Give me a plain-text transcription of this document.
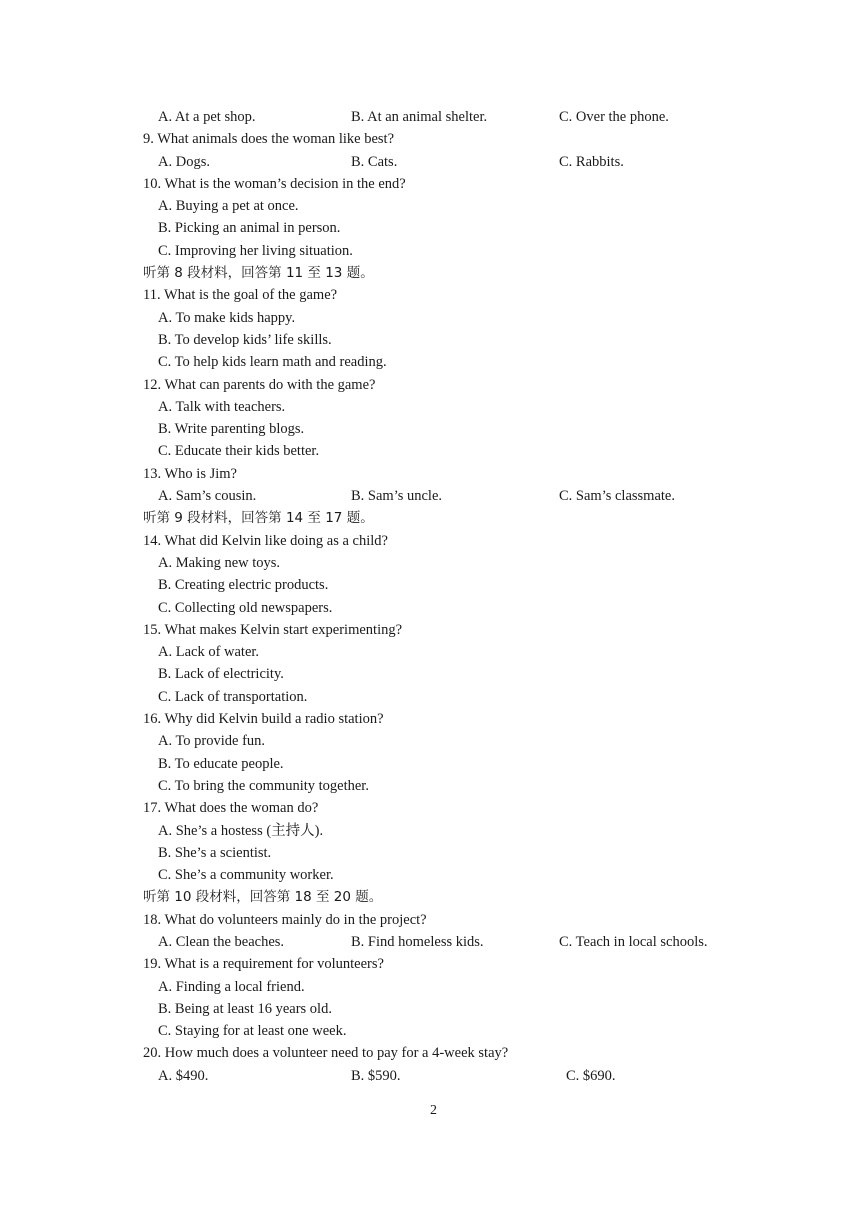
A. At a pet shop.	B. At an animal shelter.	C. Over the phone.
9. What animals does the woman like best?
A. Dogs.	B. Cats.	C. Rabbits.
10. What is the woman’s decision in the end?
A. Buying a pet at once.
B. Picking an animal in person.
C. Improving her living situation.
听第 8 段材料，回答第 11 至 13 题。
11. What is the goal of the game?
A. To make kids happy.
B. To develop kids’ life skills.
C. To help kids learn math and reading.
12. What can parents do with the game?
A. Talk with teachers.
B. Write parenting blogs.
C. Educate their kids better.
13. Who is Jim?
A. Sam’s cousin.	B. Sam’s uncle.	C. Sam’s classmate.
听第 9 段材料，回答第 14 至 17 题。
14. What did Kelvin like doing as a child?
A. Making new toys.
B. Creating electric products.
C. Collecting old newspapers.
15. What makes Kelvin start experimenting?
A. Lack of water.
B. Lack of electricity.
C. Lack of transportation.
16. Why did Kelvin build a radio station?
A. To provide fun.
B. To educate people.
C. To bring the community together.
17. What does the woman do?
A. She’s a hostess (主持人).
B. She’s a scientist.
C. She’s a community worker.
听第 10 段材料，回答第 18 至 20 题。
18. What do volunteers mainly do in the project?
A. Clean the beaches.	B. Find homeless kids.	C. Teach in local schools.
19. What is a requirement for volunteers?
A. Finding a local friend.
B. Being at least 16 years old.
C. Staying for at least one week.
20. How much does a volunteer need to pay for a 4-week stay?
A. $490.	B. $590.	C. $690.
2
